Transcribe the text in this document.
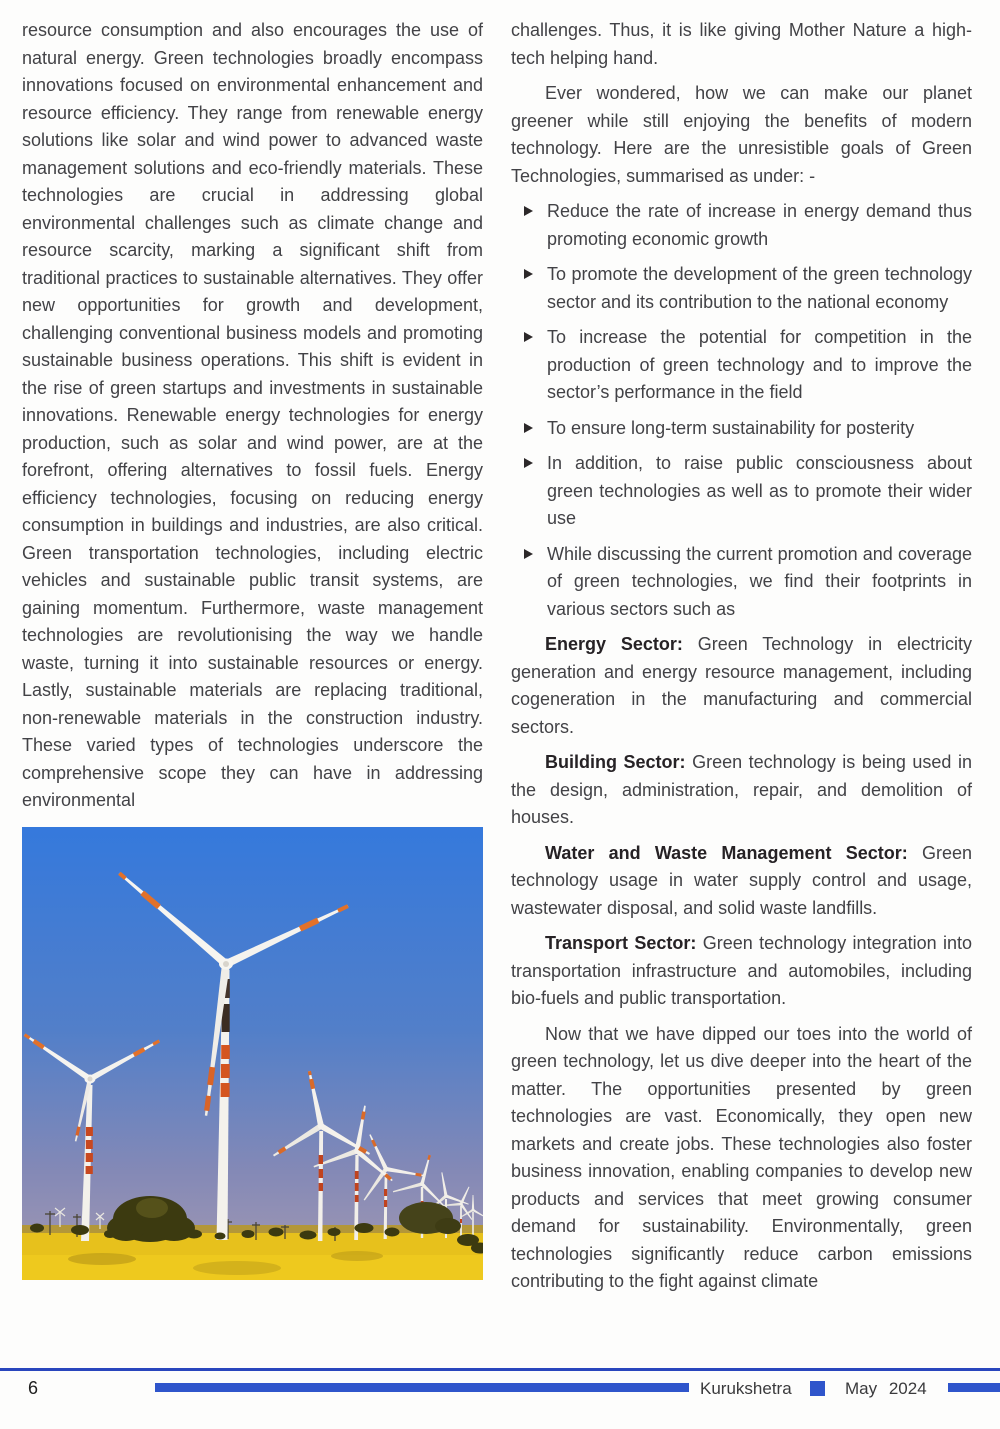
resource consumption and also encourages the use of natural energy. Green technologies broadly encompass innovations focused on environmental enhancement and resource efficiency. They range from renewable energy solutions like solar and wind power to advanced waste management solutions and eco-friendly materials. These technologies are crucial in addressing global environmental challenges such as climate change and resource scarcity, marking a significant shift from traditional practices to sustainable alternatives. They offer new opportunities for growth and development, challenging conventional business models and promoting sustainable business operations. This shift is evident in the rise of green startups and investments in sustainable innovations. Renewable energy technologies for energy production, such as solar and wind power, are at the forefront, offering alternatives to fossil fuels. Energy efficiency technologies, focusing on reducing energy consumption in buildings and industries, are also critical. Green transportation technologies, including electric vehicles and sustainable public transit systems, are gaining momentum. Furthermore, waste management technologies are revolutionising the way we handle waste, turning it into sustainable resources or energy. Lastly, sustainable materials are replacing traditional, non-renewable materials in the construction industry. These varied types of technologies underscore the comprehensive scope they can have in addressing environmental

challenges. Thus, it is like giving Mother Nature a high-tech helping hand.

Ever wondered, how we can make our planet greener while still enjoying the benefits of modern technology. Here are the unresistible goals of Green Technologies, summarised as under: -

Reduce the rate of increase in energy demand thus promoting economic growth
To promote the development of the green technology sector and its contribution to the national economy
To increase the potential for competition in the production of green technology and to improve the sector’s performance in the field
To ensure long-term sustainability for posterity
In addition, to raise public consciousness about green technologies as well as to promote their wider use
While discussing the current promotion and coverage of green technologies, we find their footprints in various sectors such as

Energy Sector: Green Technology in electricity generation and energy resource management, including cogeneration in the manufacturing and commercial sectors.

Building Sector: Green technology is being used in the design, administration, repair, and demolition of houses.

Water and Waste Management Sector: Green technology usage in water supply control and usage, wastewater disposal, and solid waste landfills.

Transport Sector: Green technology integration into transportation infrastructure and automobiles, including bio-fuels and public transportation.

Now that we have dipped our toes into the world of green technology, let us dive deeper into the heart of the matter. The opportunities presented by green technologies are vast. Economically, they open new markets and create jobs. These technologies also foster business innovation, enabling companies to develop new products and services that meet growing consumer demand for sustainability. Environmentally, green technologies significantly reduce carbon emissions contributing to the fight against climate

6	Kurukshetra	May 2024
